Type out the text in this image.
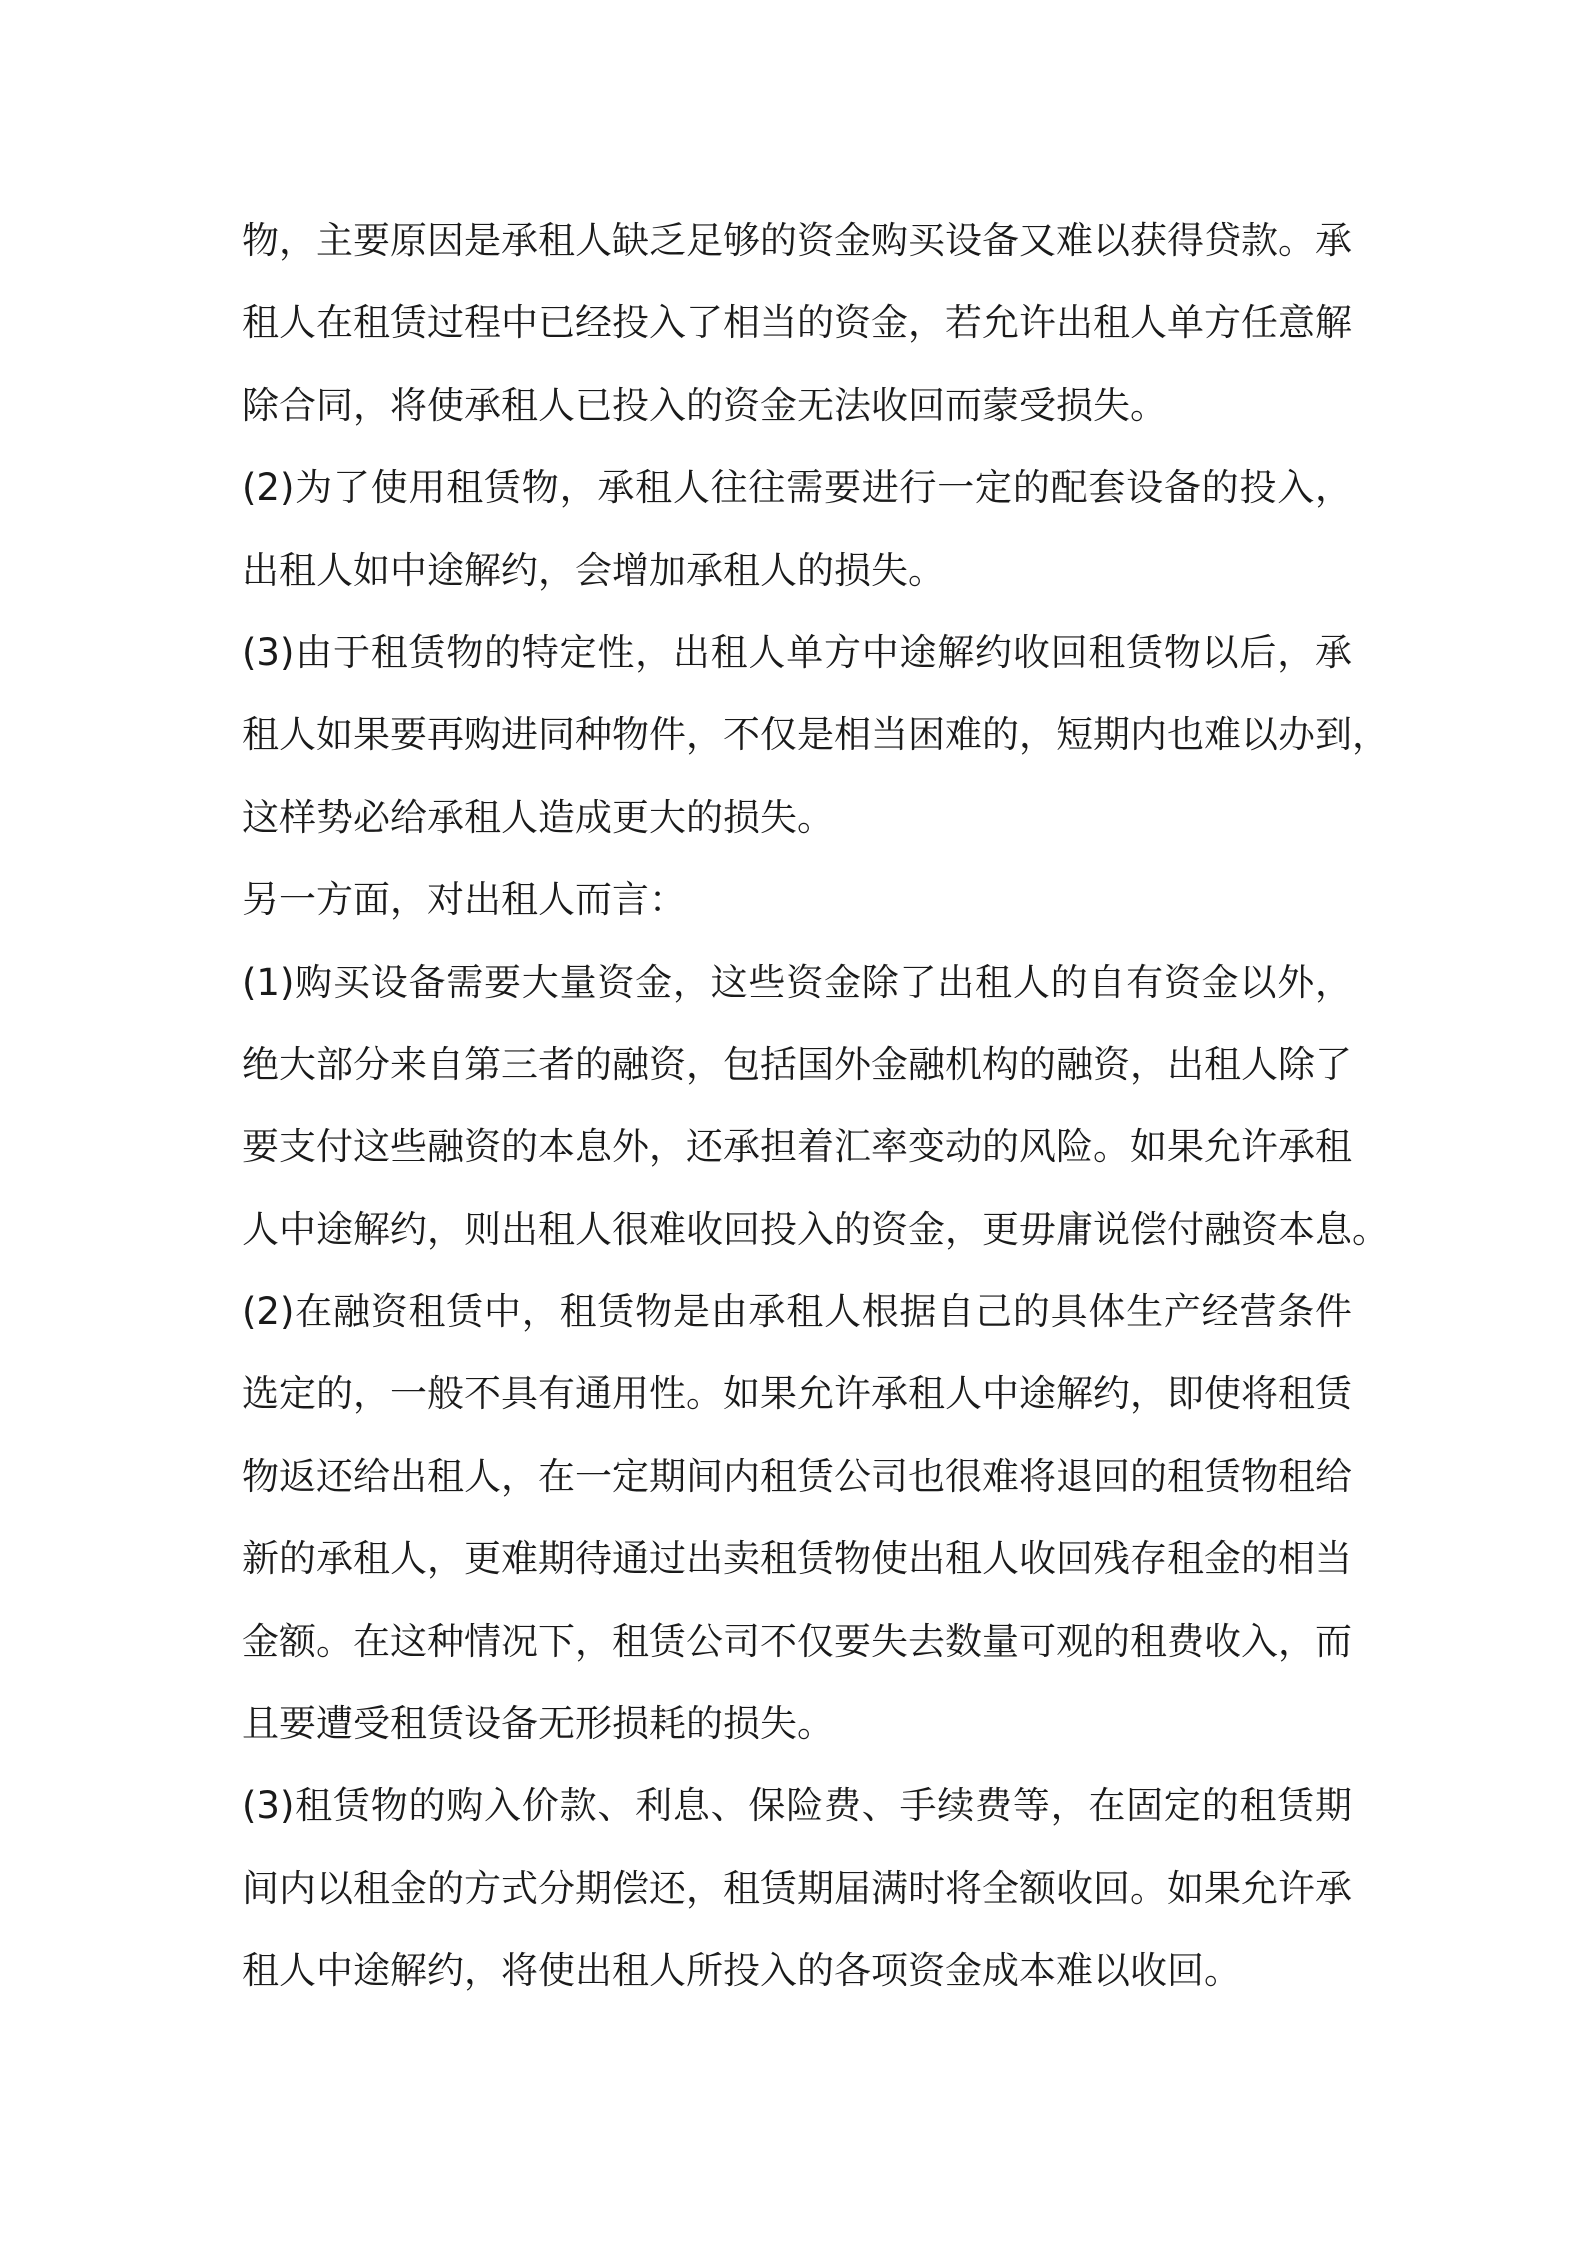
物，主要原因是承租人缺乏足够的资金购买设备又难以获得贷款。承
租人在租赁过程中已经投入了相当的资金，若允许出租人单方任意解
除合同，将使承租人已投入的资金无法收回而蒙受损失。
(2)为了使用租赁物，承租人往往需要进行一定的配套设备的投入，
出租人如中途解约，会增加承租人的损失。
(3)由于租赁物的特定性，出租人单方中途解约收回租赁物以后，承
租人如果要再购进同种物件，不仅是相当困难的，短期内也难以办到，
这样势必给承租人造成更大的损失。
另一方面，对出租人而言：
(1)购买设备需要大量资金，这些资金除了出租人的自有资金以外，
绝大部分来自第三者的融资，包括国外金融机构的融资，出租人除了
要支付这些融资的本息外，还承担着汇率变动的风险。如果允许承租
人中途解约，则出租人很难收回投入的资金，更毋庸说偿付融资本息。
(2)在融资租赁中，租赁物是由承租人根据自己的具体生产经营条件
选定的，一般不具有通用性。如果允许承租人中途解约，即使将租赁
物返还给出租人，在一定期间内租赁公司也很难将退回的租赁物租给
新的承租人，更难期待通过出卖租赁物使出租人收回残存租金的相当
金额。在这种情况下，租赁公司不仅要失去数量可观的租费收入，而
且要遭受租赁设备无形损耗的损失。
(3)租赁物的购入价款、利息、保险费、手续费等，在固定的租赁期
间内以租金的方式分期偿还，租赁期届满时将全额收回。如果允许承
租人中途解约，将使出租人所投入的各项资金成本难以收回。
